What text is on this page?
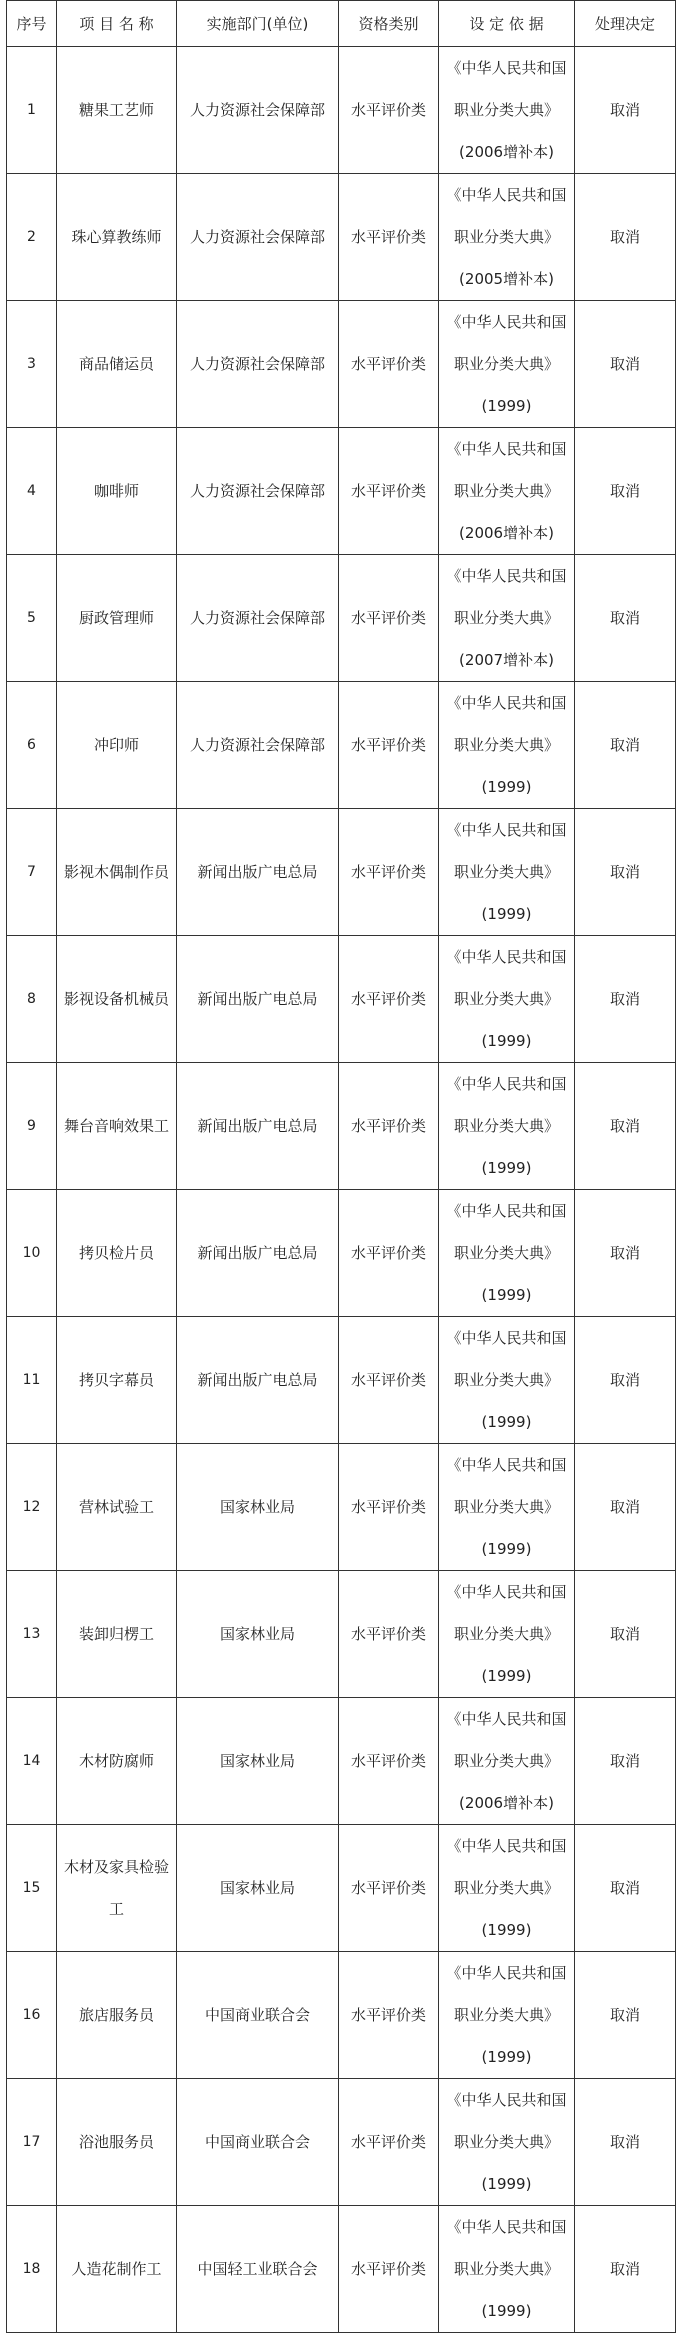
序号	项 目 名 称	实施部门(单位)	资格类别	设 定 依 据	处理决定
1	糖果工艺师	人力资源社会保障部	水平评价类	《中华人民共和国
职业分类大典》
(2006增补本)	取消
2	珠心算教练师	人力资源社会保障部	水平评价类	《中华人民共和国
职业分类大典》
(2005增补本)	取消
3	商品储运员	人力资源社会保障部	水平评价类	《中华人民共和国
职业分类大典》
(1999)	取消
4	咖啡师	人力资源社会保障部	水平评价类	《中华人民共和国
职业分类大典》
(2006增补本)	取消
5	厨政管理师	人力资源社会保障部	水平评价类	《中华人民共和国
职业分类大典》
(2007增补本)	取消
6	冲印师	人力资源社会保障部	水平评价类	《中华人民共和国
职业分类大典》
(1999)	取消
7	影视木偶制作员	新闻出版广电总局	水平评价类	《中华人民共和国
职业分类大典》
(1999)	取消
8	影视设备机械员	新闻出版广电总局	水平评价类	《中华人民共和国
职业分类大典》
(1999)	取消
9	舞台音响效果工	新闻出版广电总局	水平评价类	《中华人民共和国
职业分类大典》
(1999)	取消
10	拷贝检片员	新闻出版广电总局	水平评价类	《中华人民共和国
职业分类大典》
(1999)	取消
11	拷贝字幕员	新闻出版广电总局	水平评价类	《中华人民共和国
职业分类大典》
(1999)	取消
12	营林试验工	国家林业局	水平评价类	《中华人民共和国
职业分类大典》
(1999)	取消
13	装卸归楞工	国家林业局	水平评价类	《中华人民共和国
职业分类大典》
(1999)	取消
14	木材防腐师	国家林业局	水平评价类	《中华人民共和国
职业分类大典》
(2006增补本)	取消
15	木材及家具检验工	国家林业局	水平评价类	《中华人民共和国
职业分类大典》
(1999)	取消
16	旅店服务员	中国商业联合会	水平评价类	《中华人民共和国
职业分类大典》
(1999)	取消
17	浴池服务员	中国商业联合会	水平评价类	《中华人民共和国
职业分类大典》
(1999)	取消
18	人造花制作工	中国轻工业联合会	水平评价类	《中华人民共和国
职业分类大典》
(1999)	取消
